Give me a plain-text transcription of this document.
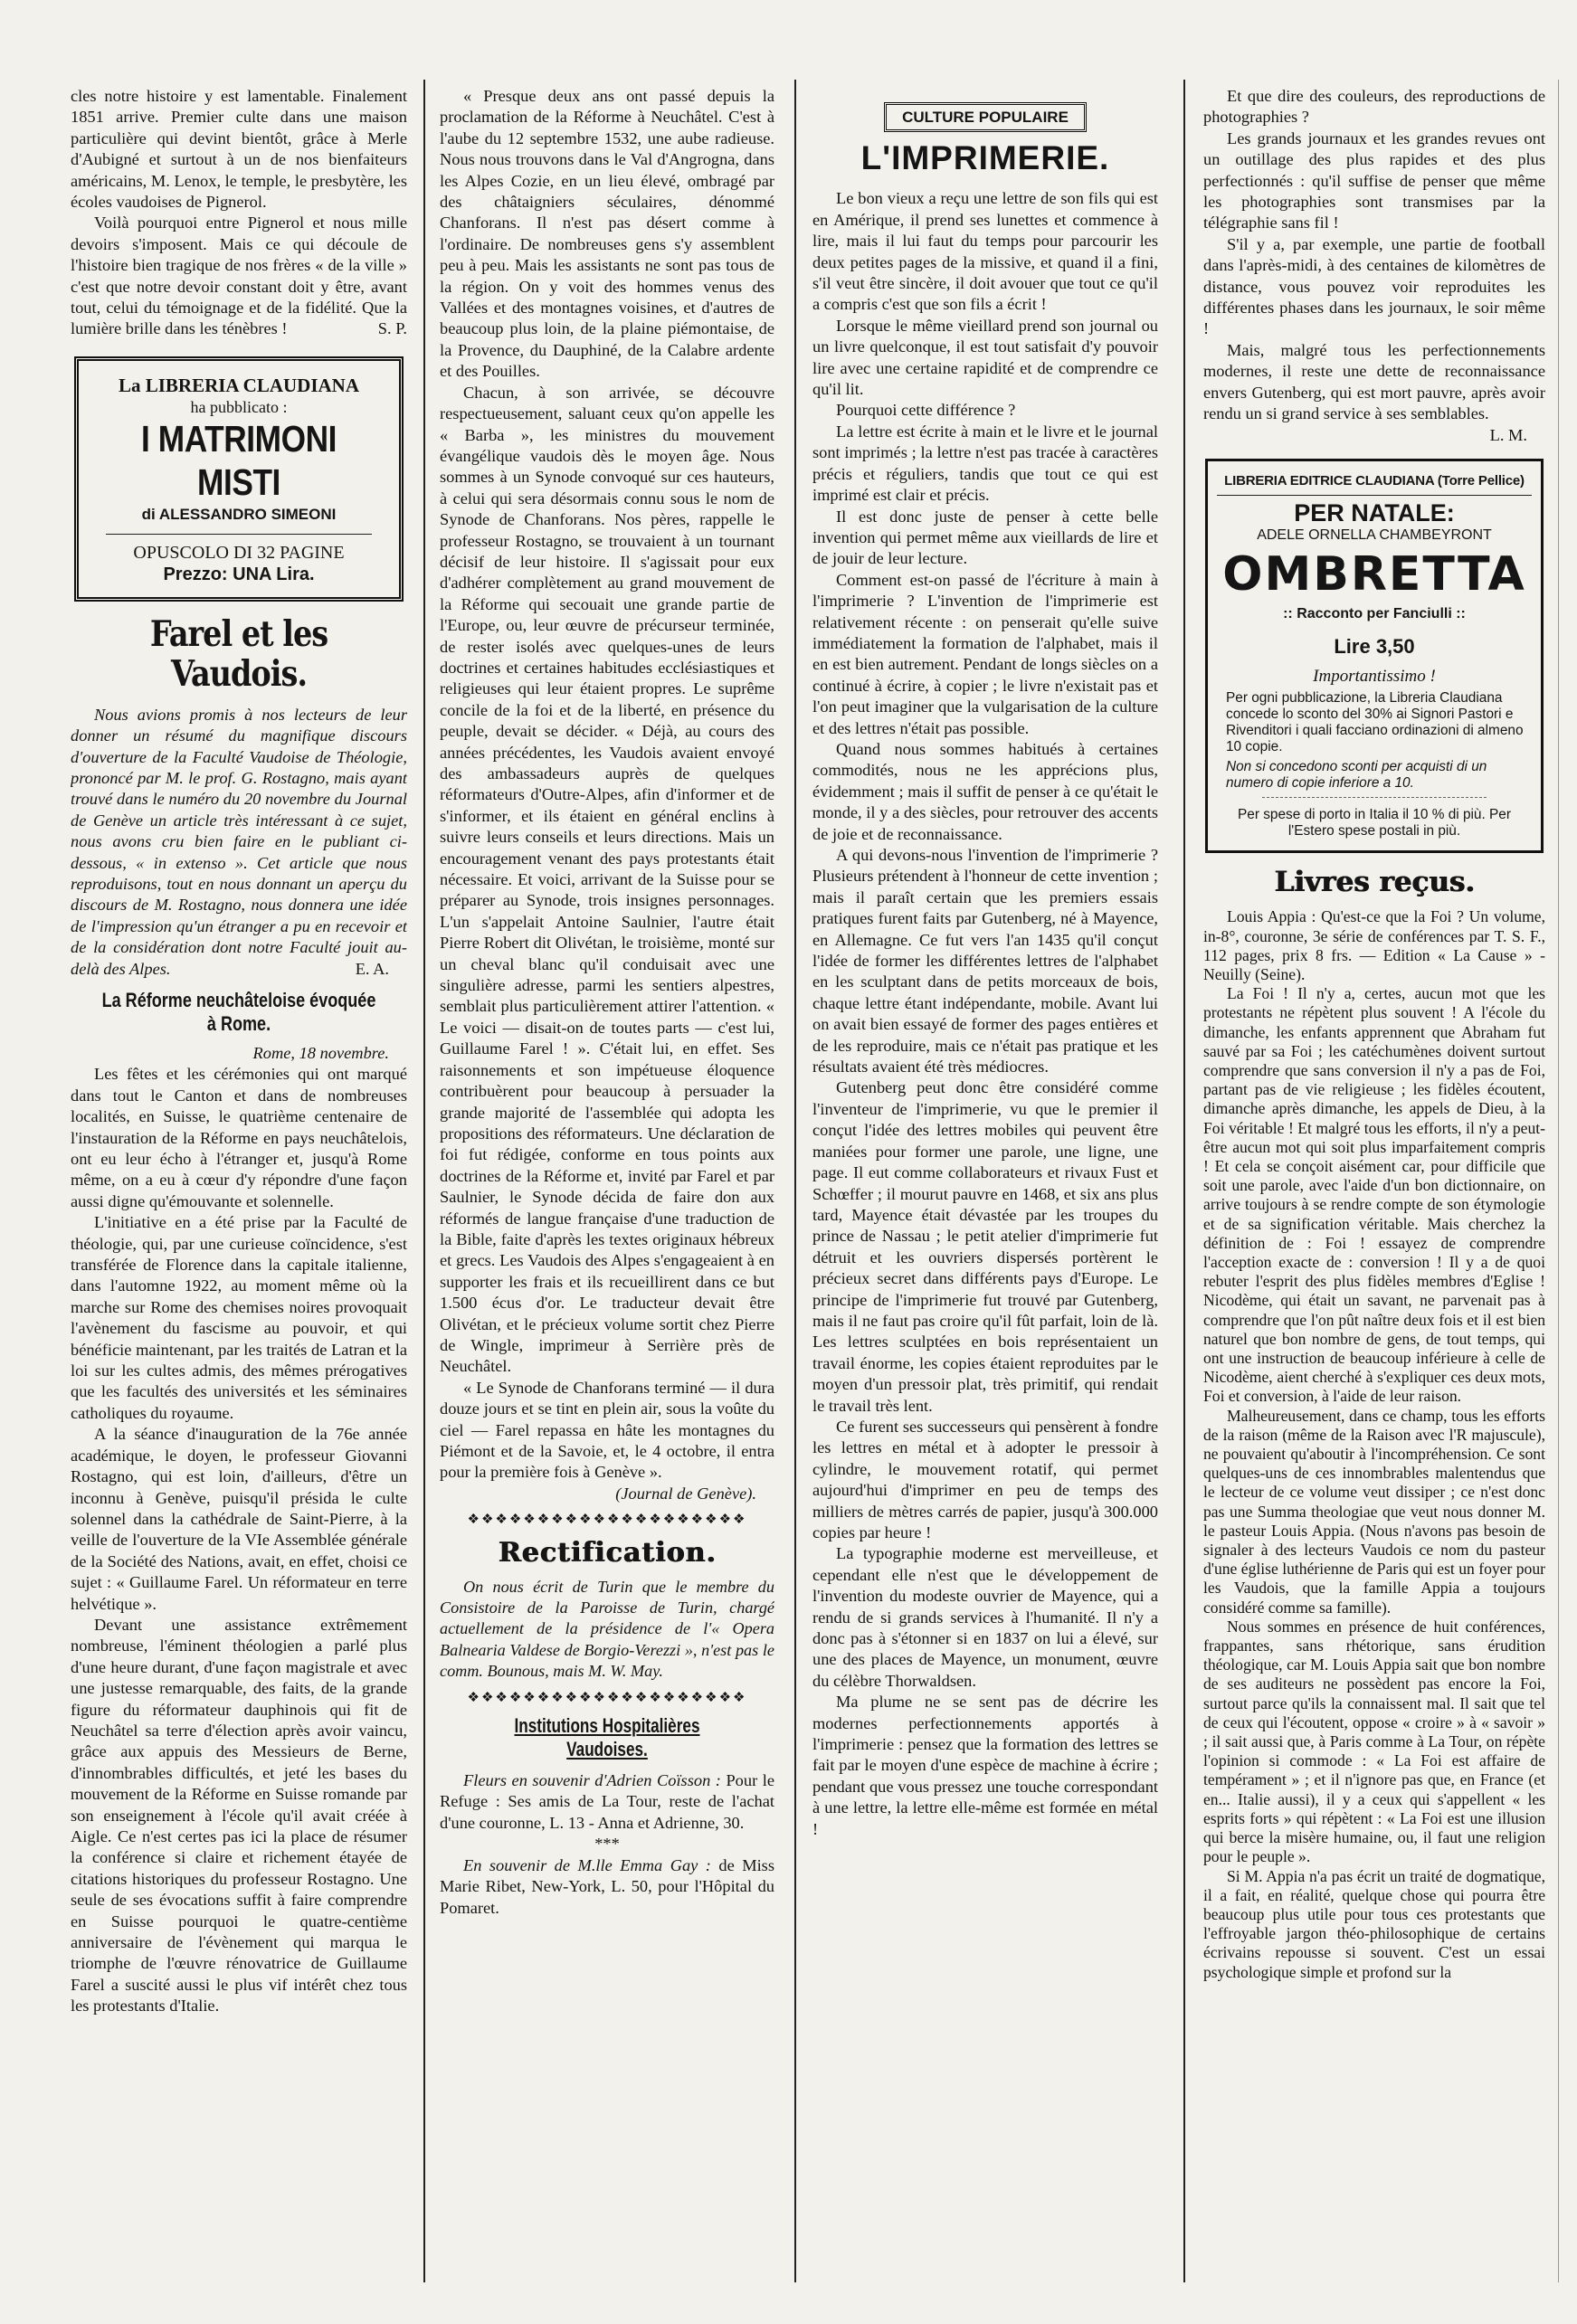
cles notre histoire y est lamentable. Finalement 1851 arrive. Premier culte dans une maison particulière qui devint bientôt, grâce à Merle d'Aubigné et surtout à un de nos bienfaiteurs américains, M. Lenox, le temple, le presbytère, les écoles vaudoises de Pignerol.

Voilà pourquoi entre Pignerol et nous mille devoirs s'imposent. Mais ce qui découle de l'histoire bien tragique de nos frères « de la ville » c'est que notre devoir constant doit y être, avant tout, celui du témoignage et de la fidélité. Que la lumière brille dans les ténèbres !	S. P.

La LIBRERIA CLAUDIANA
ha pubblicato :
I MATRIMONI MISTI
di ALESSANDRO SIMEONI
OPUSCOLO DI 32 PAGINE
Prezzo: UNA Lira.
Farel et les Vaudois.

Nous avions promis à nos lecteurs de leur donner un résumé du magnifique discours d'ouverture de la Faculté Vaudoise de Théologie, prononcé par M. le prof. G. Rostagno, mais ayant trouvé dans le numéro du 20 novembre du Journal de Genève un article très intéressant à ce sujet, nous avons cru bien faire en le publiant ci-dessous, « in extenso ». Cet article que nous reproduisons, tout en nous donnant un aperçu du discours de M. Rostagno, nous donnera une idée de l'impression qu'un étranger a pu en recevoir et de la considération dont notre Faculté jouit au-delà des Alpes.	E. A.

La Réforme neuchâteloise évoquée à Rome.

Rome, 18 novembre.

Les fêtes et les cérémonies qui ont marqué dans tout le Canton et dans de nombreuses localités, en Suisse, le quatrième centenaire de l'instauration de la Réforme en pays neuchâtelois, ont eu leur écho à l'étranger et, jusqu'à Rome même, on a eu à cœur d'y répondre d'une façon aussi digne qu'émouvante et solennelle.

L'initiative en a été prise par la Faculté de théologie, qui, par une curieuse coïncidence, s'est transférée de Florence dans la capitale italienne, dans l'automne 1922, au moment même où la marche sur Rome des chemises noires provoquait l'avènement du fascisme au pouvoir, et qui bénéficie maintenant, par les traités de Latran et la loi sur les cultes admis, des mêmes prérogatives que les facultés des universités et les séminaires catholiques du royaume.

A la séance d'inauguration de la 76e année académique, le doyen, le professeur Giovanni Rostagno, qui est loin, d'ailleurs, d'être un inconnu à Genève, puisqu'il présida le culte solennel dans la cathédrale de Saint-Pierre, à la veille de l'ouverture de la VIe Assemblée générale de la Société des Nations, avait, en effet, choisi ce sujet : « Guillaume Farel. Un réformateur en terre helvétique ».

Devant une assistance extrêmement nombreuse, l'éminent théologien a parlé plus d'une heure durant, d'une façon magistrale et avec une justesse remarquable, des faits, de la grande figure du réformateur dauphinois qui fit de Neuchâtel sa terre d'élection après avoir vaincu, grâce aux appuis des Messieurs de Berne, d'innombrables difficultés, et jeté les bases du mouvement de la Réforme en Suisse romande par son enseignement à l'école qu'il avait créée à Aigle. Ce n'est certes pas ici la place de résumer la conférence si claire et richement étayée de citations historiques du professeur Rostagno. Une seule de ses évocations suffit à faire comprendre en Suisse pourquoi le quatre-centième anniversaire de l'évènement qui marqua le triomphe de l'œuvre rénovatrice de Guillaume Farel a suscité aussi le plus vif intérêt chez tous les protestants d'Italie.

« Presque deux ans ont passé depuis la proclamation de la Réforme à Neuchâtel. C'est à l'aube du 12 septembre 1532, une aube radieuse. Nous nous trouvons dans le Val d'Angrogna, dans les Alpes Cozie, en un lieu élevé, ombragé par des châtaigniers séculaires, dénommé Chanforans. Il n'est pas désert comme à l'ordinaire. De nombreuses gens s'y assemblent peu à peu. Mais les assistants ne sont pas tous de la région. On y voit des hommes venus des Vallées et des montagnes voisines, et d'autres de beaucoup plus loin, de la plaine piémontaise, de la Provence, du Dauphiné, de la Calabre ardente et des Pouilles.

Chacun, à son arrivée, se découvre respectueusement, saluant ceux qu'on appelle les « Barba », les ministres du mouvement évangélique vaudois dès le moyen âge. Nous sommes à un Synode convoqué sur ces hauteurs, à celui qui sera désormais connu sous le nom de Synode de Chanforans. Nos pères, rappelle le professeur Rostagno, se trouvaient à un tournant décisif de leur histoire. Il s'agissait pour eux d'adhérer complètement au grand mouvement de la Réforme qui secouait une grande partie de l'Europe, ou, leur œuvre de précurseur terminée, de rester isolés avec quelques-unes de leurs doctrines et certaines habitudes ecclésiastiques et religieuses qui leur étaient propres. Le suprême concile de la foi et de la liberté, en présence du peuple, devait se décider. « Déjà, au cours des années précédentes, les Vaudois avaient envoyé des ambassadeurs auprès de quelques réformateurs d'Outre-Alpes, afin d'informer et de s'informer, et ils étaient en général enclins à suivre leurs conseils et leurs directions. Mais un encouragement venant des pays protestants était nécessaire. Et voici, arrivant de la Suisse pour se préparer au Synode, trois insignes personnages. L'un s'appelait Antoine Saulnier, l'autre était Pierre Robert dit Olivétan, le troisième, monté sur un cheval blanc qu'il conduisait avec une singulière adresse, parmi les sentiers alpestres, semblait plus particulièrement attirer l'attention. « Le voici — disait-on de toutes parts — c'est lui, Guillaume Farel ! ». C'était lui, en effet. Ses raisonnements et son impétueuse éloquence contribuèrent pour beaucoup à persuader la grande majorité de l'assemblée qui adopta les propositions des réformateurs. Une déclaration de foi fut rédigée, conforme en tous points aux doctrines de la Réforme et, invité par Farel et par Saulnier, le Synode décida de faire don aux réformés de langue française d'une traduction de la Bible, faite d'après les textes originaux hébreux et grecs. Les Vaudois des Alpes s'engageaient à en supporter les frais et ils recueillirent dans ce but 1.500 écus d'or. Le traducteur devait être Olivétan, et le précieux volume sortit chez Pierre de Wingle, imprimeur à Serrière près de Neuchâtel.

« Le Synode de Chanforans terminé — il dura douze jours et se tint en plein air, sous la voûte du ciel — Farel repassa en hâte les montagnes du Piémont et de la Savoie, et, le 4 octobre, il entra pour la première fois à Genève ».

(Journal de Genève).

❖❖❖❖❖❖❖❖❖❖❖❖❖❖❖❖❖❖❖❖
Rectification.

On nous écrit de Turin que le membre du Consistoire de la Paroisse de Turin, chargé actuellement de la présidence de l'« Opera Balnearia Valdese de Borgio-Verezzi », n'est pas le comm. Bounous, mais M. W. May.

❖❖❖❖❖❖❖❖❖❖❖❖❖❖❖❖❖❖❖❖
Institutions Hospitalières Vaudoises.

Fleurs en souvenir d'Adrien Coïsson : Pour le Refuge : Ses amis de La Tour, reste de l'achat d'une couronne, L. 13 - Anna et Adrienne, 30.

***

En souvenir de M.lle Emma Gay : de Miss Marie Ribet, New-York, L. 50, pour l'Hôpital du Pomaret.

CULTURE POPULAIRE
L'IMPRIMERIE.

Le bon vieux a reçu une lettre de son fils qui est en Amérique, il prend ses lunettes et commence à lire, mais il lui faut du temps pour parcourir les deux petites pages de la missive, et quand il a fini, s'il veut être sincère, il doit avouer que tout ce qu'il a compris c'est que son fils a écrit !

Lorsque le même vieillard prend son journal ou un livre quelconque, il est tout satisfait d'y pouvoir lire avec une certaine rapidité et de comprendre ce qu'il lit.

Pourquoi cette différence ?

La lettre est écrite à main et le livre et le journal sont imprimés ; la lettre n'est pas tracée à caractères précis et réguliers, tandis que tout ce qui est imprimé est clair et précis.

Il est donc juste de penser à cette belle invention qui permet même aux vieillards de lire et de jouir de leur lecture.

Comment est-on passé de l'écriture à main à l'imprimerie ? L'invention de l'imprimerie est relativement récente : on penserait qu'elle suive immédiatement la formation de l'alphabet, mais il en est bien autrement. Pendant de longs siècles on a continué à écrire, à copier ; le livre n'existait pas et l'on peut imaginer que la vulgarisation de la culture et des lettres n'était pas possible.

Quand nous sommes habitués à certaines commodités, nous ne les apprécions plus, évidemment ; mais il suffit de penser à ce qu'était le monde, il y a des siècles, pour retrouver des accents de joie et de reconnaissance.

A qui devons-nous l'invention de l'imprimerie ? Plusieurs prétendent à l'honneur de cette invention ; mais il paraît certain que les premiers essais pratiques furent faits par Gutenberg, né à Mayence, en Allemagne. Ce fut vers l'an 1435 qu'il conçut l'idée de former les différentes lettres de l'alphabet en les sculptant dans de petits morceaux de bois, chaque lettre étant indépendante, mobile. Avant lui on avait bien essayé de former des pages entières et de les reproduire, mais ce n'était pas pratique et les résultats avaient été très médiocres.

Gutenberg peut donc être considéré comme l'inventeur de l'imprimerie, vu que le premier il conçut l'idée des lettres mobiles qui peuvent être maniées pour former une parole, une ligne, une page. Il eut comme collaborateurs et rivaux Fust et Schœffer ; il mourut pauvre en 1468, et six ans plus tard, Mayence était dévastée par les troupes du prince de Nassau ; le petit atelier d'imprimerie fut détruit et les ouvriers dispersés portèrent le précieux secret dans différents pays d'Europe. Le principe de l'imprimerie fut trouvé par Gutenberg, mais il ne faut pas croire qu'il fût parfait, loin de là. Les lettres sculptées en bois représentaient un travail énorme, les copies étaient reproduites par le moyen d'un pressoir plat, très primitif, qui rendait le travail très lent.

Ce furent ses successeurs qui pensèrent à fondre les lettres en métal et à adopter le pressoir à cylindre, le mouvement rotatif, qui permet aujourd'hui d'imprimer en peu de temps des milliers de mètres carrés de papier, jusqu'à 300.000 copies par heure !

La typographie moderne est merveilleuse, et cependant elle n'est que le développement de l'invention du modeste ouvrier de Mayence, qui a rendu de si grands services à l'humanité. Il n'y a donc pas à s'étonner si en 1837 on lui a élevé, sur une des places de Mayence, un monument, œuvre du célèbre Thorwaldsen.

Ma plume ne se sent pas de décrire les modernes perfectionnements apportés à l'imprimerie : pensez que la formation des lettres se fait par le moyen d'une espèce de machine à écrire ; pendant que vous pressez une touche correspondant à une lettre, la lettre elle-même est formée en métal !

Et que dire des couleurs, des reproductions de photographies ?

Les grands journaux et les grandes revues ont un outillage des plus rapides et des plus perfectionnés : qu'il suffise de penser que même les photographies sont transmises par la télégraphie sans fil !

S'il y a, par exemple, une partie de football dans l'après-midi, à des centaines de kilomètres de distance, vous pouvez voir reproduites les différentes phases dans les journaux, le soir même !

Mais, malgré tous les perfectionnements modernes, il reste une dette de reconnaissance envers Gutenberg, qui est mort pauvre, après avoir rendu un si grand service à ses semblables.
L. M.

LIBRERIA EDITRICE CLAUDIANA (Torre Pellice)
PER NATALE:
ADELE ORNELLA CHAMBEYRONT
OMBRETTA
:: Racconto per Fanciulli ::
Lire 3,50
Importantissimo !
Per ogni pubblicazione, la Libreria Claudiana concede lo sconto del 30% ai Signori Pastori e Rivenditori i quali facciano ordinazioni di almeno 10 copie.
Non si concedono sconti per acquisti di un numero di copie inferiore a 10.
Per spese di porto in Italia il 10 % di più. Per l'Estero spese postali in più.
Livres reçus.

Louis Appia : Qu'est-ce que la Foi ? Un volume, in-8°, couronne, 3e série de conférences par T. S. F., 112 pages, prix 8 frs. — Edition « La Cause » - Neuilly (Seine).

La Foi ! Il n'y a, certes, aucun mot que les protestants ne répètent plus souvent ! A l'école du dimanche, les enfants apprennent que Abraham fut sauvé par sa Foi ; les catéchumènes doivent surtout comprendre que sans conversion il n'y a pas de Foi, partant pas de vie religieuse ; les fidèles écoutent, dimanche après dimanche, les appels de Dieu, à la Foi véritable ! Et malgré tous les efforts, il n'y a peut-être aucun mot qui soit plus imparfaitement compris ! Et cela se conçoit aisément car, pour difficile que soit une parole, avec l'aide d'un bon dictionnaire, on arrive toujours à se rendre compte de son étymologie et de sa signification véritable. Mais cherchez la définition de : Foi ! essayez de comprendre l'acception exacte de : conversion ! Il y a de quoi rebuter l'esprit des plus fidèles membres d'Eglise ! Nicodème, qui était un savant, ne parvenait pas à comprendre que l'on pût naître deux fois et il est bien naturel que bon nombre de gens, de tout temps, qui ont une instruction de beaucoup inférieure à celle de Nicodème, aient cherché à s'expliquer ces deux mots, Foi et conversion, à l'aide de leur raison.

Malheureusement, dans ce champ, tous les efforts de la raison (même de la Raison avec l'R majuscule), ne pouvaient qu'aboutir à l'incompréhension. Ce sont quelques-uns de ces innombrables malentendus que le lecteur de ce volume veut dissiper ; ce n'est donc pas une Summa theologiae que veut nous donner M. le pasteur Louis Appia. (Nous n'avons pas besoin de signaler à des lecteurs Vaudois ce nom du pasteur d'une église luthérienne de Paris qui est un foyer pour les Vaudois, que la famille Appia a toujours considéré comme sa famille).

Nous sommes en présence de huit conférences, frappantes, sans rhétorique, sans érudition théologique, car M. Louis Appia sait que bon nombre de ses auditeurs ne possèdent pas encore la Foi, surtout parce qu'ils la connaissent mal. Il sait que tel de ceux qui l'écoutent, oppose « croire » à « savoir » ; il sait aussi que, à Paris comme à La Tour, on répète l'opinion si commode : « La Foi est affaire de tempérament » ; et il n'ignore pas que, en France (et en... Italie aussi), il y a ceux qui s'appellent « les esprits forts » qui répètent : « La Foi est une illusion qui berce la misère humaine, ou, il faut une religion pour le peuple ».

Si M. Appia n'a pas écrit un traité de dogmatique, il a fait, en réalité, quelque chose qui pourra être beaucoup plus utile pour tous ces protestants que l'effroyable jargon théo-philosophique de certains écrivains repousse si souvent. C'est un essai psychologique simple et profond sur la
